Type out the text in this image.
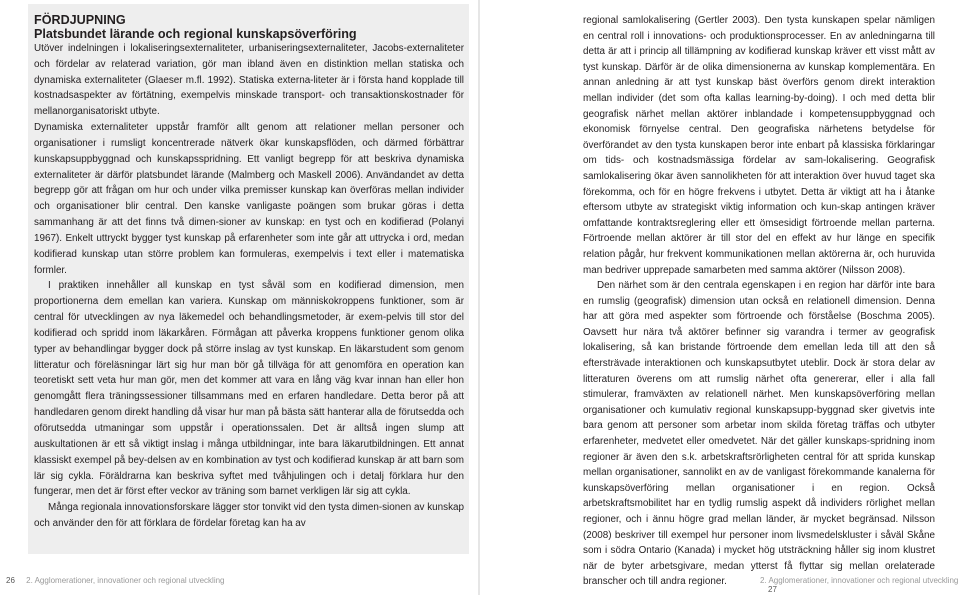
FÖRDJUPNING
Platsbundet lärande och regional kunskapsöverföring

Utöver indelningen i lokaliseringsexternaliteter, urbaniseringsexternaliteter, Jacobs-externaliteter och fördelar av relaterad variation, gör man ibland även en distinktion mellan statiska och dynamiska externaliteter (Glaeser m.fl. 1992). Statiska externa-liteter är i första hand kopplade till kostnadsaspekter av förtätning, exempelvis minskade transport- och transaktionskostnader för mellanorganisatoriskt utbyte.

Dynamiska externaliteter uppstår framför allt genom att relationer mellan personer och organisationer i rumsligt koncentrerade nätverk ökar kunskapsflöden, och därmed förbättrar kunskapsuppbyggnad och kunskapsspridning. Ett vanligt begrepp för att beskriva dynamiska externaliteter är därför platsbundet lärande (Malmberg och Maskell 2006). Användandet av detta begrepp gör att frågan om hur och under vilka premisser kunskap kan överföras mellan individer och organisationer blir central. Den kanske vanligaste poängen som brukar göras i detta sammanhang är att det finns två dimen-sioner av kunskap: en tyst och en kodifierad (Polanyi 1967). Enkelt uttryckt bygger tyst kunskap på erfarenheter som inte går att uttrycka i ord, medan kodifierad kunskap utan större problem kan formuleras, exempelvis i text eller i matematiska formler.

I praktiken innehåller all kunskap en tyst såväl som en kodifierad dimension, men proportionerna dem emellan kan variera. Kunskap om människokroppens funktioner, som är central för utvecklingen av nya läkemedel och behandlingsmetoder, är exem-pelvis till stor del kodifierad och spridd inom läkarkåren. Förmågan att påverka kroppens funktioner genom olika typer av behandlingar bygger dock på större inslag av tyst kunskap. En läkarstudent som genom litteratur och föreläsningar lärt sig hur man bör gå tillväga för att genomföra en operation kan teoretiskt sett veta hur man gör, men det kommer att vara en lång väg kvar innan han eller hon genomgått flera träningssessioner tillsammans med en erfaren handledare. Detta beror på att handledaren genom direkt handling då visar hur man på bästa sätt hanterar alla de förutsedda och oförutsedda utmaningar som uppstår i operationssalen. Det är alltså ingen slump att auskultationen är ett så viktigt inslag i många utbildningar, inte bara läkarutbildningen. Ett annat klassiskt exempel på bey-delsen av en kombination av tyst och kodifierad kunskap är att barn som lär sig cykla. Föräldrarna kan beskriva syftet med tvåhjulingen och i detalj förklara hur den fungerar, men det är först efter veckor av träning som barnet verkligen lär sig att cykla.

Många regionala innovationsforskare lägger stor tonvikt vid den tysta dimen-sionen av kunskap och använder den för att förklara de fördelar företag kan ha av

26 2. Agglomerationer, innovationer och regional utveckling

regional samlokalisering (Gertler 2003). Den tysta kunskapen spelar nämligen en central roll i innovations- och produktionsprocesser. En av anledningarna till detta är att i princip all tillämpning av kodifierad kunskap kräver ett visst mått av tyst kunskap. Därför är de olika dimensionerna av kunskap komplementära. En annan anledning är att tyst kunskap bäst överförs genom direkt interaktion mellan individer (det som ofta kallas learning-by-doing). I och med detta blir geografisk närhet mellan aktörer inblandade i kompetensuppbyggnad och ekonomisk förnyelse central. Den geografiska närhetens betydelse för överförandet av den tysta kunskapen beror inte enbart på klassiska förklaringar om tids- och kostnadsmässiga fördelar av sam-lokalisering. Geografisk samlokalisering ökar även sannolikheten för att interaktion över huvud taget ska förekomma, och för en högre frekvens i utbytet. Detta är viktigt att ha i åtanke eftersom utbyte av strategiskt viktig information och kun-skap antingen kräver omfattande kontraktsreglering eller ett ömsesidigt förtroende mellan parterna. Förtroende mellan aktörer är till stor del en effekt av hur länge en specifik relation pågår, hur frekvent kommunikationen mellan aktörerna är, och huruvida man bedriver upprepade samarbeten med samma aktörer (Nilsson 2008).

Den närhet som är den centrala egenskapen i en region har därför inte bara en rumslig (geografisk) dimension utan också en relationell dimension. Denna har att göra med aspekter som förtroende och förståelse (Boschma 2005). Oavsett hur nära två aktörer befinner sig varandra i termer av geografisk lokalisering, så kan bristande förtroende dem emellan leda till att den så eftersträvade interaktionen och kunskapsutbytet uteblir. Dock är stora delar av litteraturen överens om att rumslig närhet ofta genererar, eller i alla fall stimulerar, framväxten av relationell närhet. Men kunskapsöverföring mellan organisationer och kumulativ regional kunskapsupp-byggnad sker givetvis inte bara genom att personer som arbetar inom skilda företag träffas och utbyter erfarenheter, medvetet eller omedvetet. När det gäller kunskaps-spridning inom regioner är även den s.k. arbetskraftsrörligheten central för att sprida kunskap mellan organisationer, sannolikt en av de vanligast förekommande kanalerna för kunskapsöverföring mellan organisationer i en region. Också arbetskraftsmobilitet har en tydlig rumslig aspekt då individers rörlighet mellan regioner, och i ännu högre grad mellan länder, är mycket begränsad. Nilsson (2008) beskriver till exempel hur personer inom livsmedelskluster i såväl Skåne som i södra Ontario (Kanada) i mycket hög utsträckning håller sig inom klustret när de byter arbetsgivare, medan ytterst få flyttar sig mellan orelaterade branscher och till andra regioner.	2. Agglomerationer, innovationer och regional utveckling 27
